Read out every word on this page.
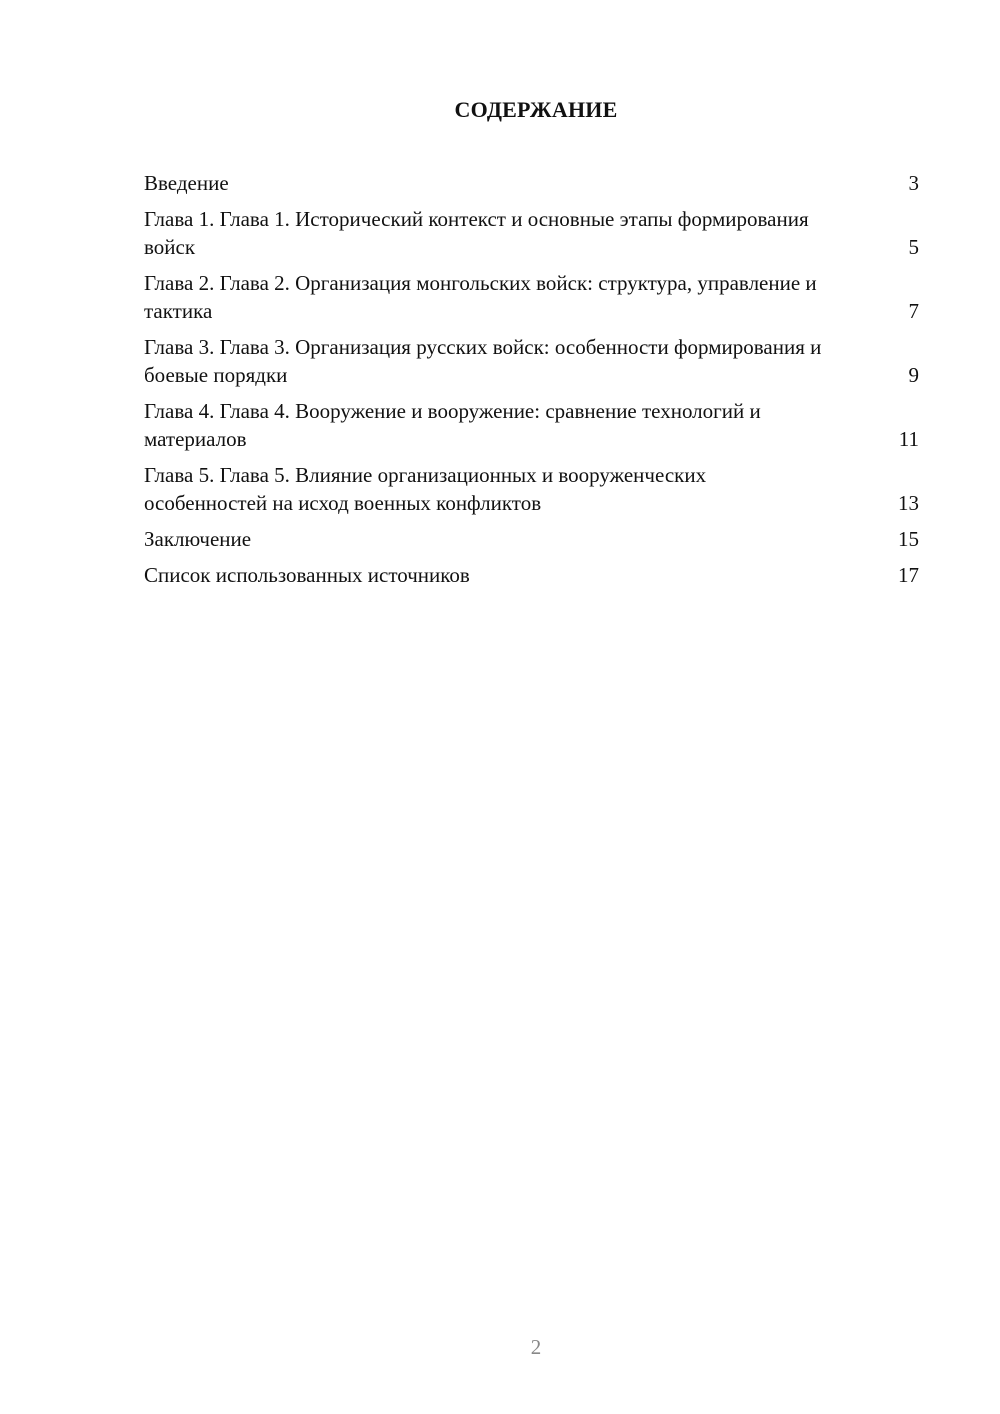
СОДЕРЖАНИЕ
Введение	3
Глава 1. Глава 1. Исторический контекст и основные этапы формирования войск	5
Глава 2. Глава 2. Организация монгольских войск: структура, управление и тактика	7
Глава 3. Глава 3. Организация русских войск: особенности формирования и боевые порядки	9
Глава 4. Глава 4. Вооружение и вооружение: сравнение технологий и материалов	11
Глава 5. Глава 5. Влияние организационных и вооруженческих особенностей на исход военных конфликтов	13
Заключение	15
Список использованных источников	17
2
